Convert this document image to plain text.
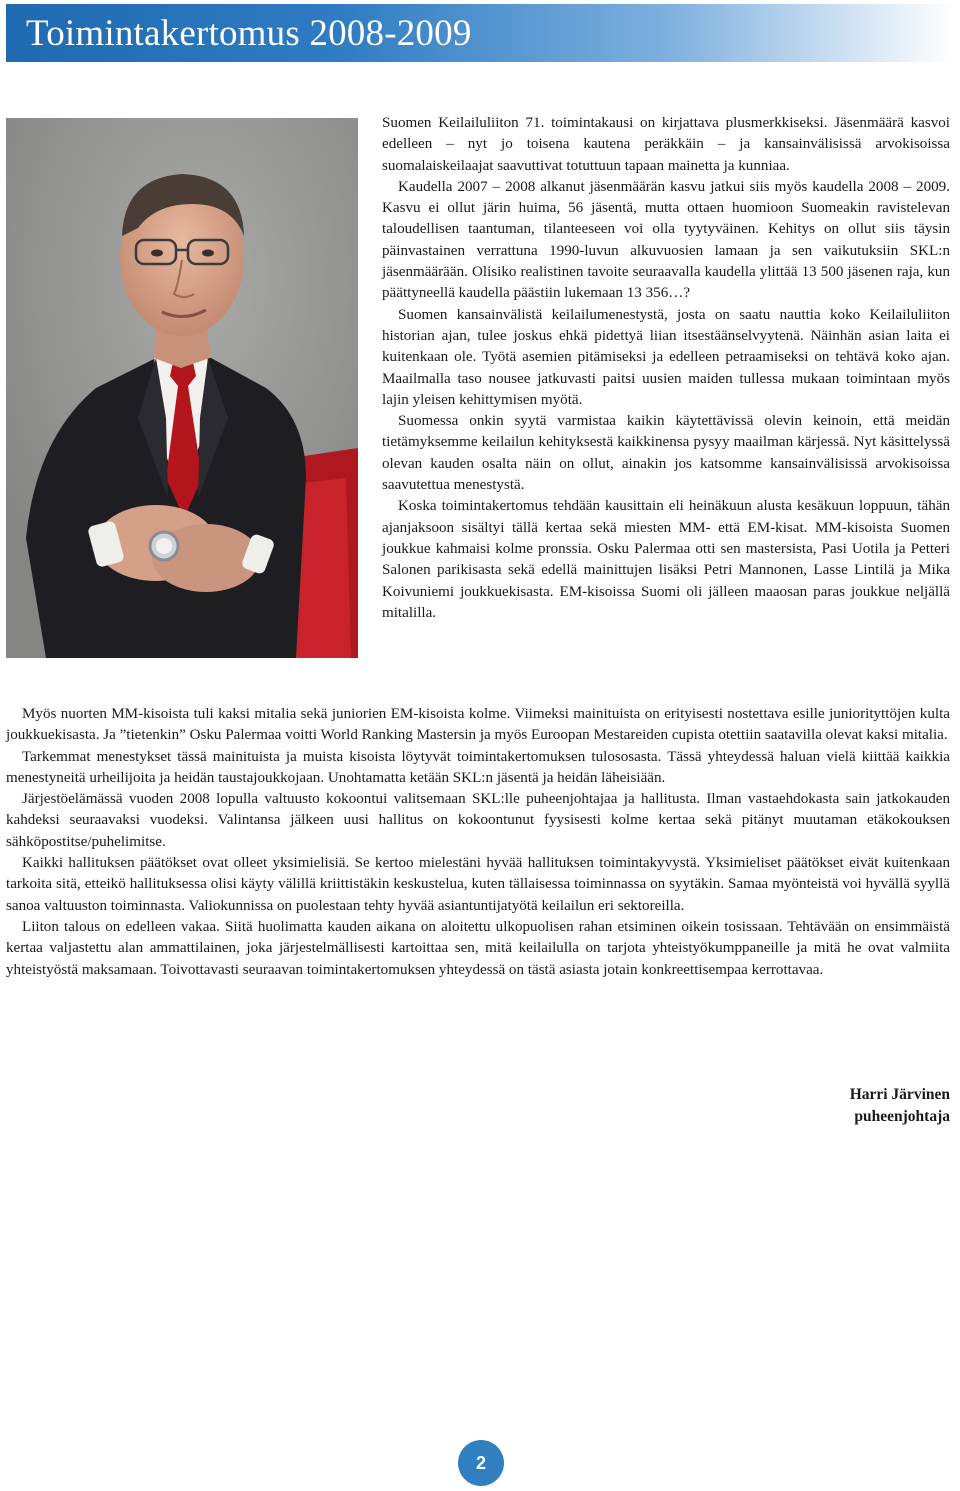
Toimintakertomus 2008-2009

Suomen Keilailuliiton 71. toimintakausi on kirjattava plusmerkkiseksi. Jäsenmäärä kasvoi edelleen – nyt jo toisena kautena peräkkäin – ja kansainvälisissä arvokisoissa suomalaiskeilaajat saavuttivat totuttuun tapaan mainetta ja kunniaa.

Kaudella 2007 – 2008 alkanut jäsenmäärän kasvu jatkui siis myös kaudella 2008 – 2009. Kasvu ei ollut järin huima, 56 jäsentä, mutta ottaen huomioon Suomeakin ravistelevan taloudellisen taantuman, tilanteeseen voi olla tyytyväinen. Kehitys on ollut siis täysin päinvastainen verrattuna 1990-luvun alkuvuosien lamaan ja sen vaikutuksiin SKL:n jäsenmäärään. Olisiko realistinen tavoite seuraavalla kaudella ylittää 13 500 jäsenen raja, kun päättyneellä kaudella päästiin lukemaan 13 356…?

Suomen kansainvälistä keilailumenestystä, josta on saatu nauttia koko Keilailuliiton historian ajan, tulee joskus ehkä pidettyä liian itsestäänselvyytenä. Näinhän asian laita ei kuitenkaan ole. Työtä asemien pitämiseksi ja edelleen petraamiseksi on tehtävä koko ajan. Maailmalla taso nousee jatkuvasti paitsi uusien maiden tullessa mukaan toimintaan myös lajin yleisen kehittymisen myötä.

Suomessa onkin syytä varmistaa kaikin käytettävissä olevin keinoin, että meidän tietämyksemme keilailun kehityksestä kaikkinensa pysyy maailman kärjessä. Nyt käsittelyssä olevan kauden osalta näin on ollut, ainakin jos katsomme kansainvälisissä arvokisoissa saavutettua menestystä.

Koska toimintakertomus tehdään kausittain eli heinäkuun alusta kesäkuun loppuun, tähän ajanjaksoon sisältyi tällä kertaa sekä miesten MM- että EM-kisat. MM-kisoista Suomen joukkue kahmaisi kolme pronssia. Osku Palermaa otti sen mastersista, Pasi Uotila ja Petteri Salonen parikisasta sekä edellä mainittujen lisäksi Petri Mannonen, Lasse Lintilä ja Mika Koivuniemi joukkuekisasta. EM-kisoissa Suomi oli jälleen maaosan paras joukkue neljällä mitalilla.

Myös nuorten MM-kisoista tuli kaksi mitalia sekä juniorien EM-kisoista kolme. Viimeksi mainituista on erityisesti nostettava esille juniorityttöjen kulta joukkuekisasta. Ja ”tietenkin” Osku Palermaa voitti World Ranking Mastersin ja myös Euroopan Mestareiden cupista otettiin saatavilla olevat kaksi mitalia.

Tarkemmat menestykset tässä mainituista ja muista kisoista löytyvät toimintakertomuksen tulososasta. Tässä yhteydessä haluan vielä kiittää kaikkia menestyneitä urheilijoita ja heidän taustajoukkojaan. Unohtamatta ketään SKL:n jäsentä ja heidän läheisiään.

Järjestöelämässä vuoden 2008 lopulla valtuusto kokoontui valitsemaan SKL:lle puheenjohtajaa ja hallitusta. Ilman vastaehdokasta sain jatkokauden kahdeksi seuraavaksi vuodeksi. Valintansa jälkeen uusi hallitus on kokoontunut fyysisesti kolme kertaa sekä pitänyt muutaman etäkokouksen sähköpostitse/puhelimitse.

Kaikki hallituksen päätökset ovat olleet yksimielisiä. Se kertoo mielestäni hyvää hallituksen toimintakyvystä. Yksimieliset päätökset eivät kuitenkaan tarkoita sitä, etteikö hallituksessa olisi käyty välillä kriittistäkin keskustelua, kuten tällaisessa toiminnassa on syytäkin. Samaa myönteistä voi hyvällä syyllä sanoa valtuuston toiminnasta. Valiokunnissa on puolestaan tehty hyvää asiantuntijatyötä keilailun eri sektoreilla.

Liiton talous on edelleen vakaa. Siitä huolimatta kauden aikana on aloitettu ulkopuolisen rahan etsiminen oikein tosissaan. Tehtävään on ensimmäistä kertaa valjastettu alan ammattilainen, joka järjestelmällisesti kartoittaa sen, mitä keilailulla on tarjota yhteistyökumppaneille ja mitä he ovat valmiita yhteistyöstä maksamaan. Toivottavasti seuraavan toimintakertomuksen yhteydessä on tästä asiasta jotain konkreettisempaa kerrottavaa.

Harri Järvinen
puheenjohtaja
2
